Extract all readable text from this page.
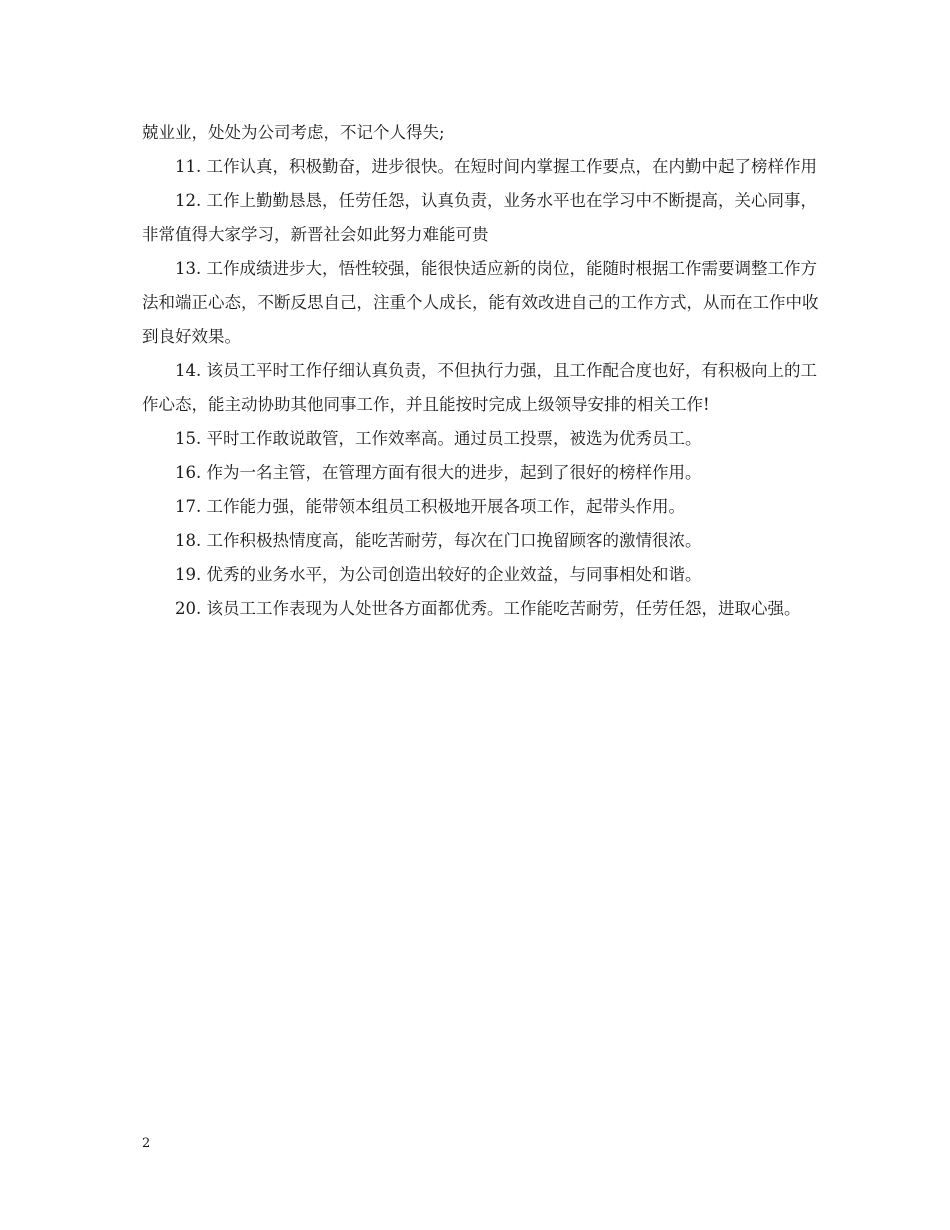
兢业业，处处为公司考虑，不记个人得失;

11. 工作认真，积极勤奋，进步很快。在短时间内掌握工作要点，在内勤中起了榜样作用

12. 工作上勤勤恳恳，任劳任怨，认真负责，业务水平也在学习中不断提高，关心同事，非常值得大家学习，新晋社会如此努力难能可贵

13. 工作成绩进步大，悟性较强，能很快适应新的岗位，能随时根据工作需要调整工作方法和端正心态，不断反思自己，注重个人成长，能有效改进自己的工作方式，从而在工作中收到良好效果。

14. 该员工平时工作仔细认真负责，不但执行力强，且工作配合度也好，有积极向上的工作心态，能主动协助其他同事工作，并且能按时完成上级领导安排的相关工作!

15. 平时工作敢说敢管，工作效率高。通过员工投票，被选为优秀员工。

16. 作为一名主管，在管理方面有很大的进步，起到了很好的榜样作用。

17. 工作能力强，能带领本组员工积极地开展各项工作，起带头作用。

18. 工作积极热情度高，能吃苦耐劳，每次在门口挽留顾客的激情很浓。

19. 优秀的业务水平，为公司创造出较好的企业效益，与同事相处和谐。

20. 该员工工作表现为人处世各方面都优秀。工作能吃苦耐劳，任劳任怨，进取心强。

2
